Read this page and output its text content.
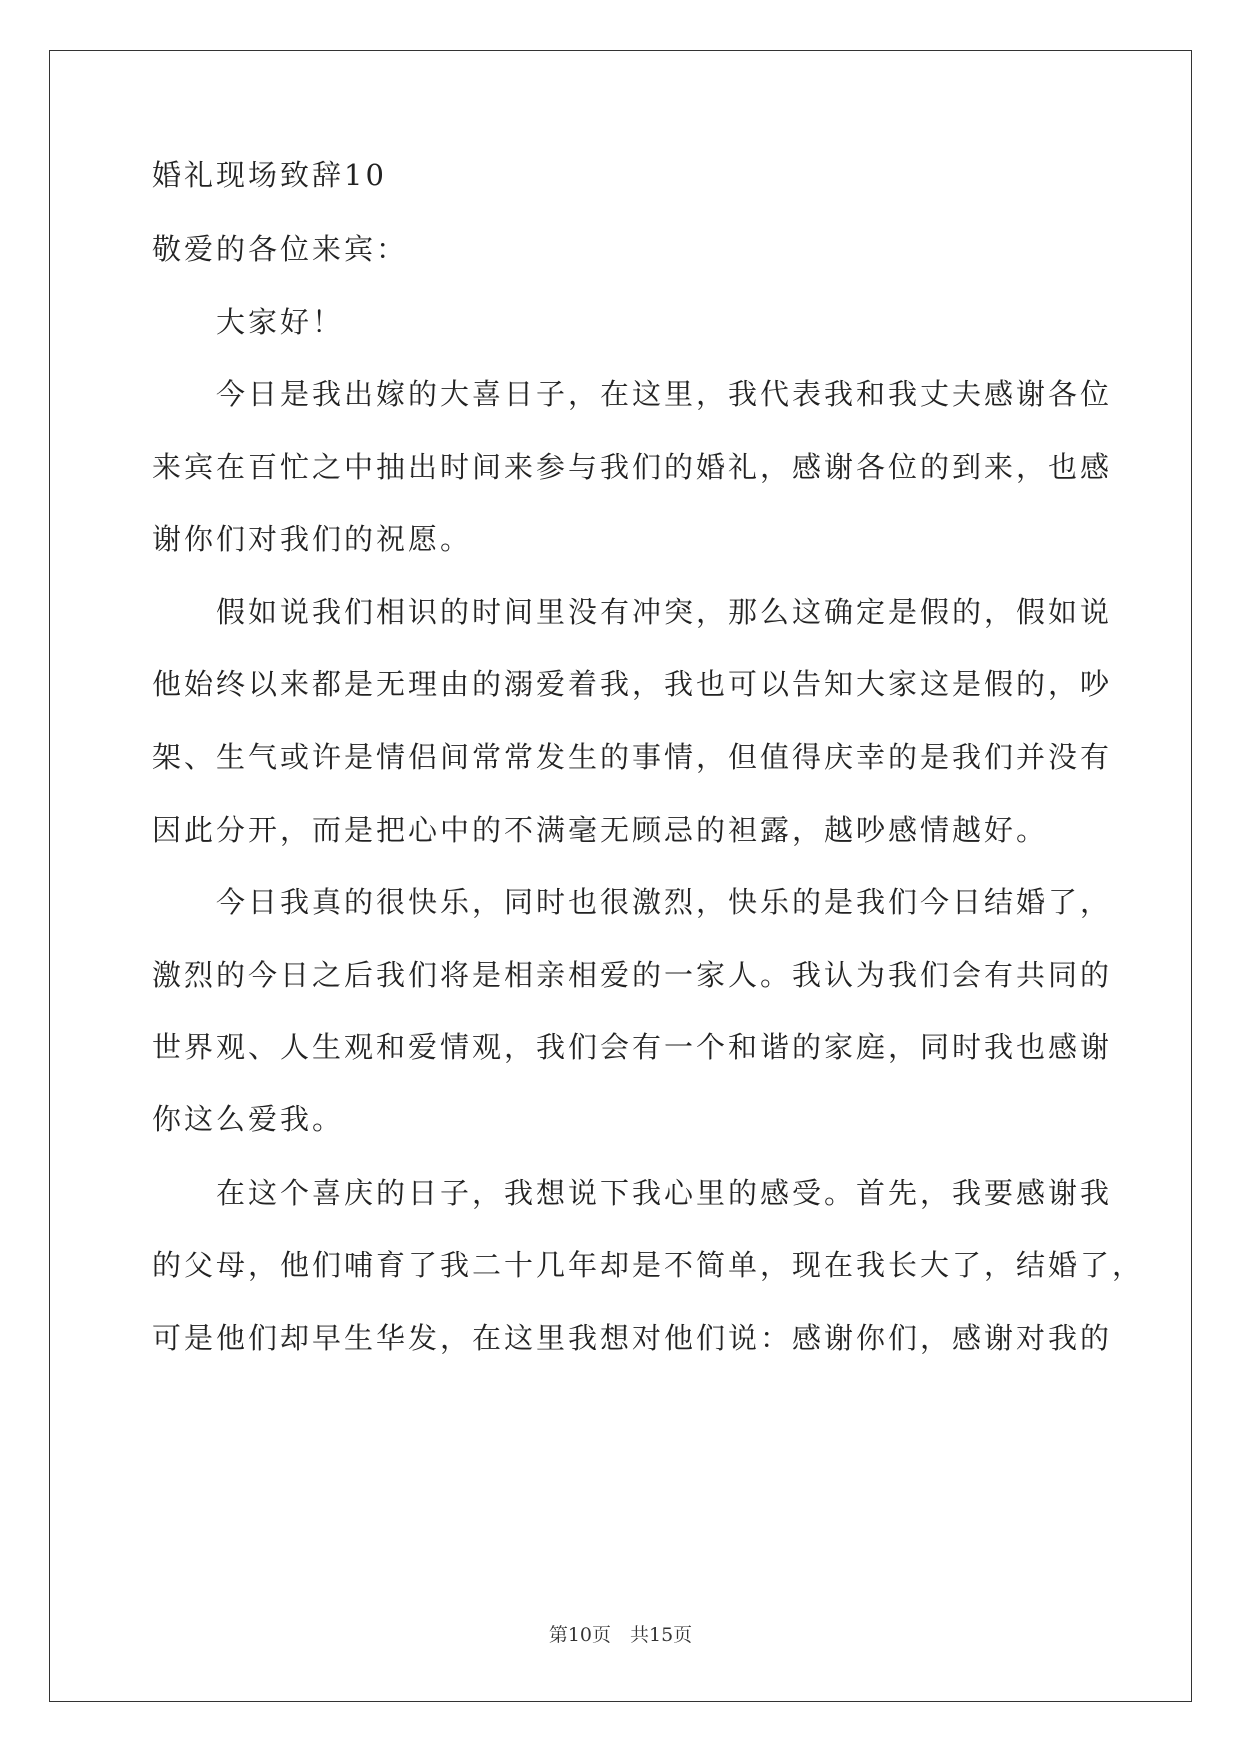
婚礼现场致辞10
敬爱的各位来宾：
大家好！
今日是我出嫁的大喜日子，在这里，我代表我和我丈夫感谢各位
来宾在百忙之中抽出时间来参与我们的婚礼，感谢各位的到来，也感
谢你们对我们的祝愿。
假如说我们相识的时间里没有冲突，那么这确定是假的，假如说
他始终以来都是无理由的溺爱着我，我也可以告知大家这是假的，吵
架、生气或许是情侣间常常发生的事情，但值得庆幸的是我们并没有
因此分开，而是把心中的不满毫无顾忌的袒露，越吵感情越好。
今日我真的很快乐，同时也很激烈，快乐的是我们今日结婚了，
激烈的今日之后我们将是相亲相爱的一家人。我认为我们会有共同的
世界观、人生观和爱情观，我们会有一个和谐的家庭，同时我也感谢
你这么爱我。
在这个喜庆的日子，我想说下我心里的感受。首先，我要感谢我
的父母，他们哺育了我二十几年却是不简单，现在我长大了，结婚了，
可是他们却早生华发，在这里我想对他们说：感谢你们，感谢对我的
第10页　共15页
